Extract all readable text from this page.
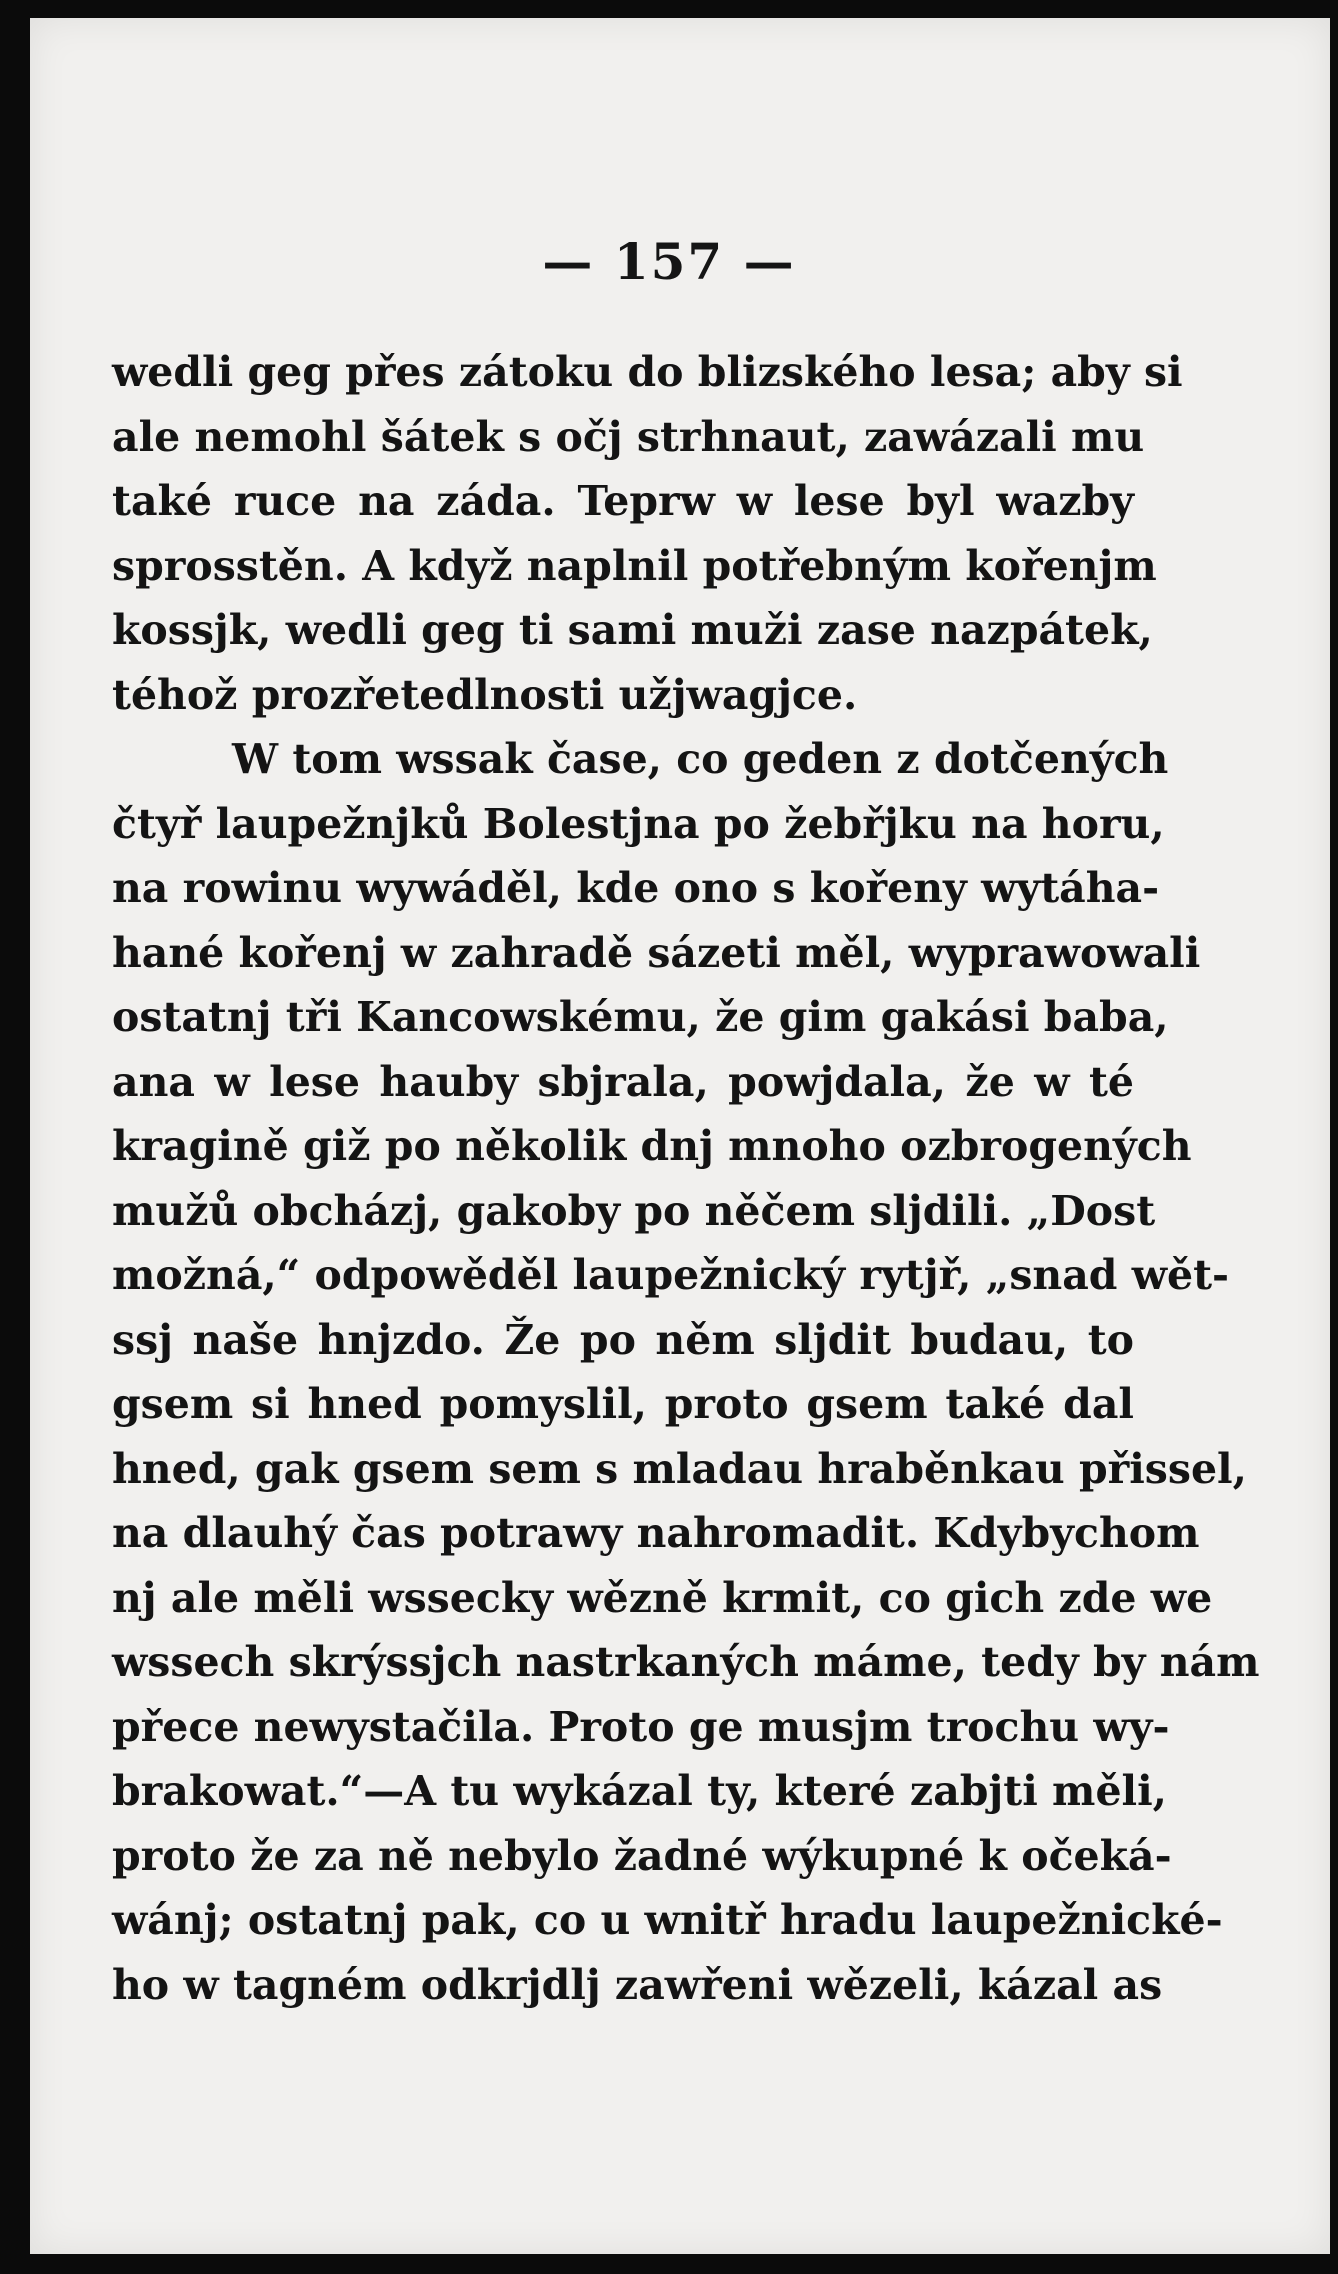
— 157 —
wedli geg přes zátoku do blizského lesa; aby si
ale nemohl šátek s očj strhnaut, zawázali mu
také ruce na záda. Teprw w lese byl wazby
sprosstěn. A když naplnil potřebným kořenjm
kossjk, wedli geg ti sami muži zase nazpátek,
téhož prozřetedlnosti užjwagjce.
W tom wssak čase, co geden z dotčených
čtyř laupežnjků Bolestjna po žebřjku na horu,
na rowinu wywáděl, kde ono s kořeny wytáha-
hané kořenj w zahradě sázeti měl, wyprawowali
ostatnj tři Kancowskému, že gim gakási baba,
ana w lese hauby sbjrala, powjdala, že w té
kragině giž po několik dnj mnoho ozbrogených
mužů obcházj, gakoby po něčem sljdili. „Dost
možná,“ odpowěděl laupežnický rytjř, „snad wět-
ssj naše hnjzdo. Že po něm sljdit budau, to
gsem si hned pomyslil, proto gsem také dal
hned, gak gsem sem s mladau hraběnkau přissel,
na dlauhý čas potrawy nahromadit. Kdybychom
nj ale měli wssecky wězně krmit, co gich zde we
wssech skrýssjch nastrkaných máme, tedy by nám
přece newystačila. Proto ge musjm trochu wy-
brakowat.“—A tu wykázal ty, které zabjti měli,
proto že za ně nebylo žadné wýkupné k očeká-
wánj; ostatnj pak, co u wnitř hradu laupežnické-
ho w tagném odkrjdlj zawřeni wězeli, kázal as
